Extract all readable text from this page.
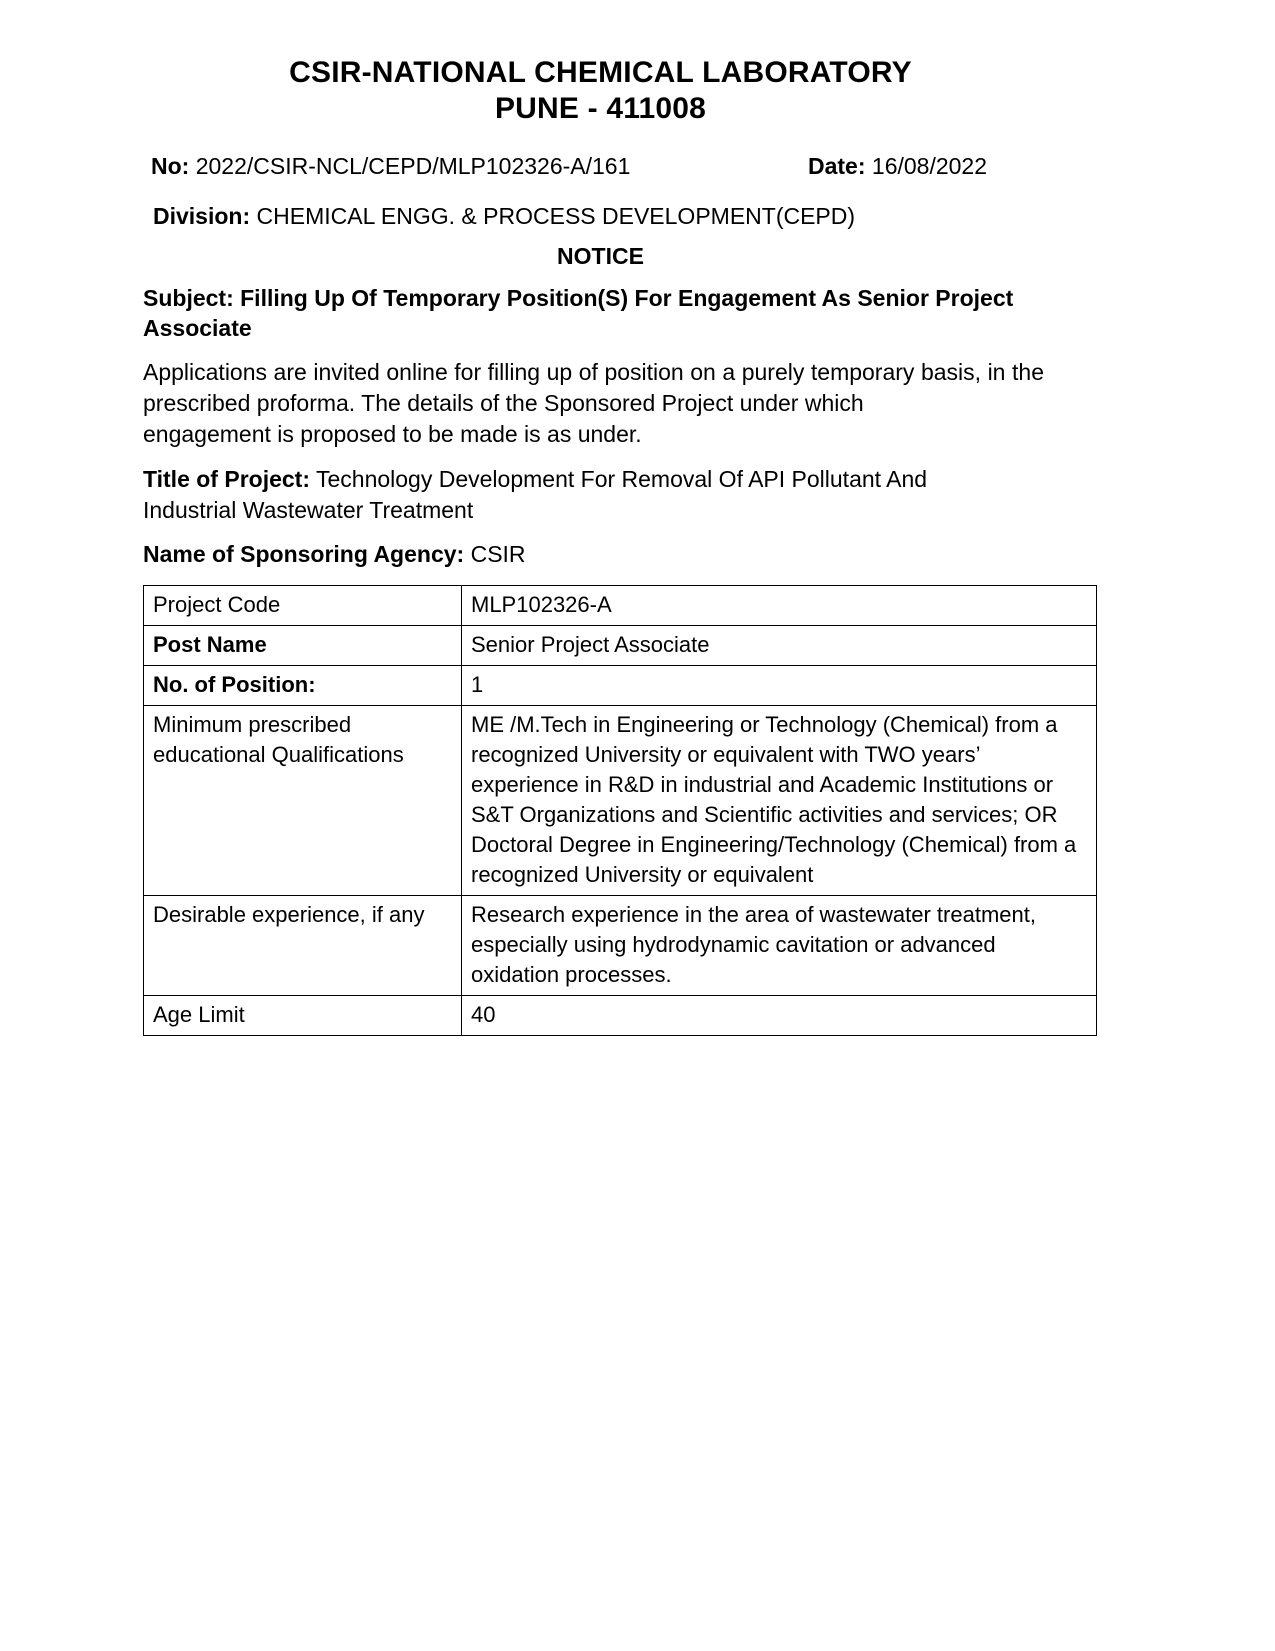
CSIR-NATIONAL CHEMICAL LABORATORY
PUNE - 411008
No: 2022/CSIR-NCL/CEPD/MLP102326-A/161	Date: 16/08/2022
Division: CHEMICAL ENGG. & PROCESS DEVELOPMENT(CEPD)
NOTICE
Subject: Filling Up Of Temporary Position(S) For Engagement As Senior Project Associate
Applications are invited online for filling up of position on a purely temporary basis, in the prescribed proforma. The details of the Sponsored Project under which
engagement is proposed to be made is as under.
Title of Project: Technology Development For Removal Of API Pollutant And Industrial Wastewater Treatment
Name of Sponsoring Agency: CSIR
Project Code	MLP102326-A
Post Name	Senior Project Associate
No. of Position:	1
Minimum prescribed educational Qualifications	ME /M.Tech in Engineering or Technology (Chemical) from a recognized University or equivalent with TWO years’ experience in R&D in industrial and Academic Institutions or S&T Organizations and Scientific activities and services; OR Doctoral Degree in Engineering/Technology (Chemical) from a recognized University or equivalent
Desirable experience, if any	Research experience in the area of wastewater treatment, especially using hydrodynamic cavitation or advanced oxidation processes.
Age Limit	40
